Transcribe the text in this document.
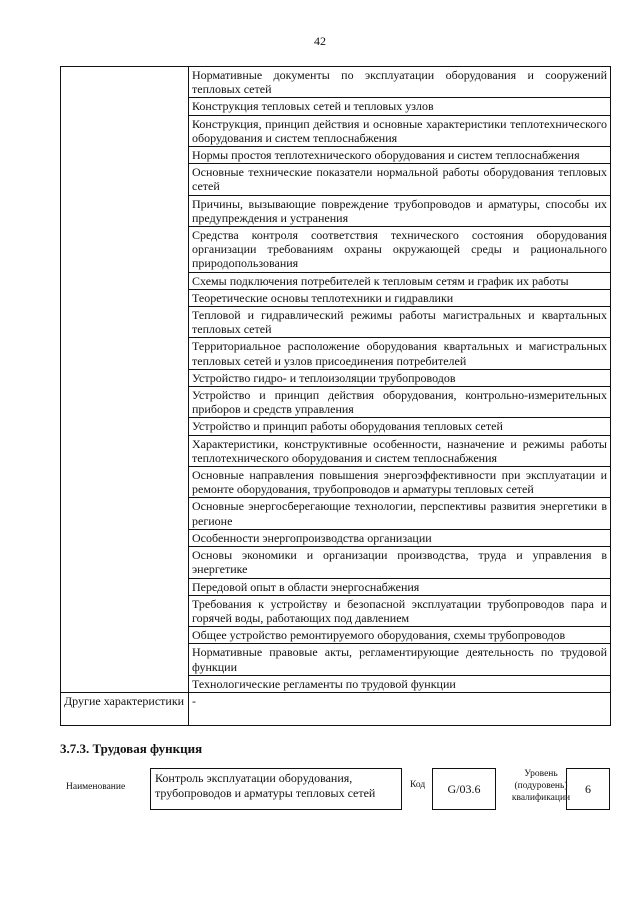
42
	Нормативные документы по эксплуатации оборудования и сооружений тепловых сетей
	Конструкция тепловых сетей и тепловых узлов
	Конструкция, принцип действия и основные характеристики теплотехнического оборудования и систем теплоснабжения
	Нормы простоя теплотехнического оборудования и систем теплоснабжения
	Основные технические показатели нормальной работы оборудования тепловых сетей
	Причины, вызывающие повреждение трубопроводов и арматуры, способы их предупреждения и устранения
	Средства контроля соответствия технического состояния оборудования организации требованиям охраны окружающей среды и рационального природопользования
	Схемы подключения потребителей к тепловым сетям и график их работы
	Теоретические основы теплотехники и гидравлики
	Тепловой и гидравлический режимы работы магистральных и квартальных тепловых сетей
	Территориальное расположение оборудования квартальных и магистральных тепловых сетей и узлов присоединения потребителей
	Устройство гидро- и теплоизоляции трубопроводов
	Устройство и принцип действия оборудования, контрольно-измерительных приборов и средств управления
	Устройство и принцип работы оборудования тепловых сетей
	Характеристики, конструктивные особенности, назначение и режимы работы теплотехнического оборудования и систем теплоснабжения
	Основные направления повышения энергоэффективности при эксплуатации и ремонте оборудования, трубопроводов и арматуры тепловых сетей
	Основные энергосберегающие технологии, перспективы развития энергетики в регионе
	Особенности энергопроизводства организации
	Основы экономики и организации производства, труда и управления в энергетике
	Передовой опыт в области энергоснабжения
	Требования к устройству и безопасной эксплуатации трубопроводов пара и горячей воды, работающих под давлением
	Общее устройство ремонтируемого оборудования, схемы трубопроводов
	Нормативные правовые акты, регламентирующие деятельность по трудовой функции
	Технологические регламенты по трудовой функции
Другие характеристики	-
3.7.3. Трудовая функция
Наименование
Контроль эксплуатации оборудования, трубопроводов и арматуры тепловых сетей
Код	G/03.6
Уровень (подуровень) квалификации
6
